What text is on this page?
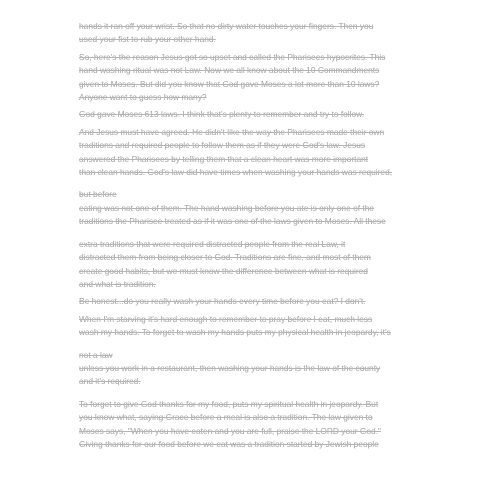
hands it ran off your wrist. So that no dirty water touches your fingers. Then you
used your fist to rub your other hand.
So, here's the reason Jesus got so upset and called the Pharisees hypocrites. This
hand washing ritual was not Law. Now we all know about the 10 Commandments
given to Moses. But did you know that God gave Moses a lot more than 10 laws?
Anyone want to guess how many?
God gave Moses 613 laws. I think that's plenty to remember and try to follow.
And Jesus must have agreed. He didn't like the way the Pharisees made their own
traditions and required people to follow them as if they were God's law. Jesus
answered the Pharisees by telling them that a clean heart was more important
than clean hands. God's law did have times when washing your hands was required,
but before
eating was not one of them. The hand washing before you ate is only one of the
traditions the Pharisee treated as if it was one of the laws given to Moses. All these
extra traditions that were required distracted people from the real Law, it
distracted them from being closer to God. Traditions are fine, and most of them
create good habits, but we must know the difference between what is required
and what is tradition.
Be honest...do you really wash your hands every time before you eat? I don't.
When I'm starving it's hard enough to remember to pray before I eat, much less
wash my hands. To forget to wash my hands puts my physical health in jeopardy, it's
not a law
unless you work in a restaurant, then washing your hands is the law of the county
and it's required.
To forget to give God thanks for my food, puts my spiritual health in jeopardy. But
you know what, saying Grace before a meal is also a tradition. The law given to
Moses says, "When you have eaten and you are full, praise the LORD your God."
Giving thanks for our food before we eat was a tradition started by Jewish people
